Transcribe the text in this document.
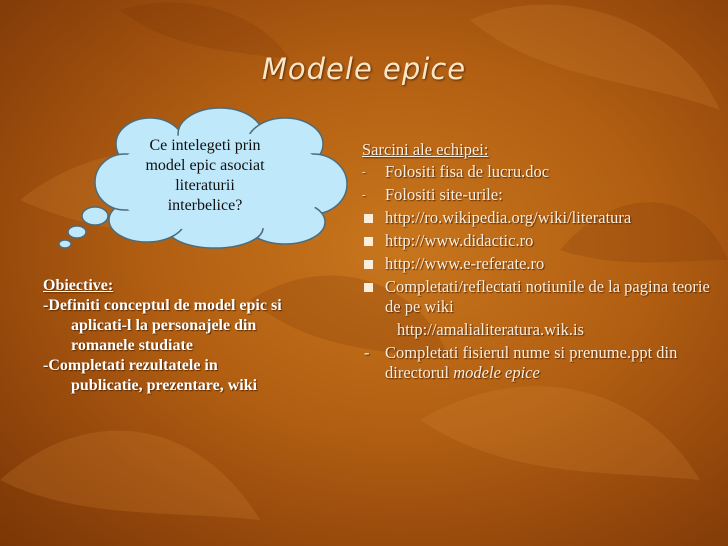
Modele epice
Ce intelegeti prin
model epic asociat
literaturii
interbelice?
Obiective:
-Definiti conceptul de model epic si
aplicati-l la personajele din
romanele studiate
-Completati rezultatele in
publicatie, prezentare, wiki
Sarcini ale echipei:
-	Folositi fisa de lucru.doc
-	Folositi site-urile:
http://ro.wikipedia.org/wiki/literatura
http://www.didactic.ro
http://www.e-referate.ro
Completati/reflectati notiunile de la pagina teorie de pe wiki
http://amalialiteratura.wik.is
- Completati fisierul nume si prenume.ppt din directorul modele epice
